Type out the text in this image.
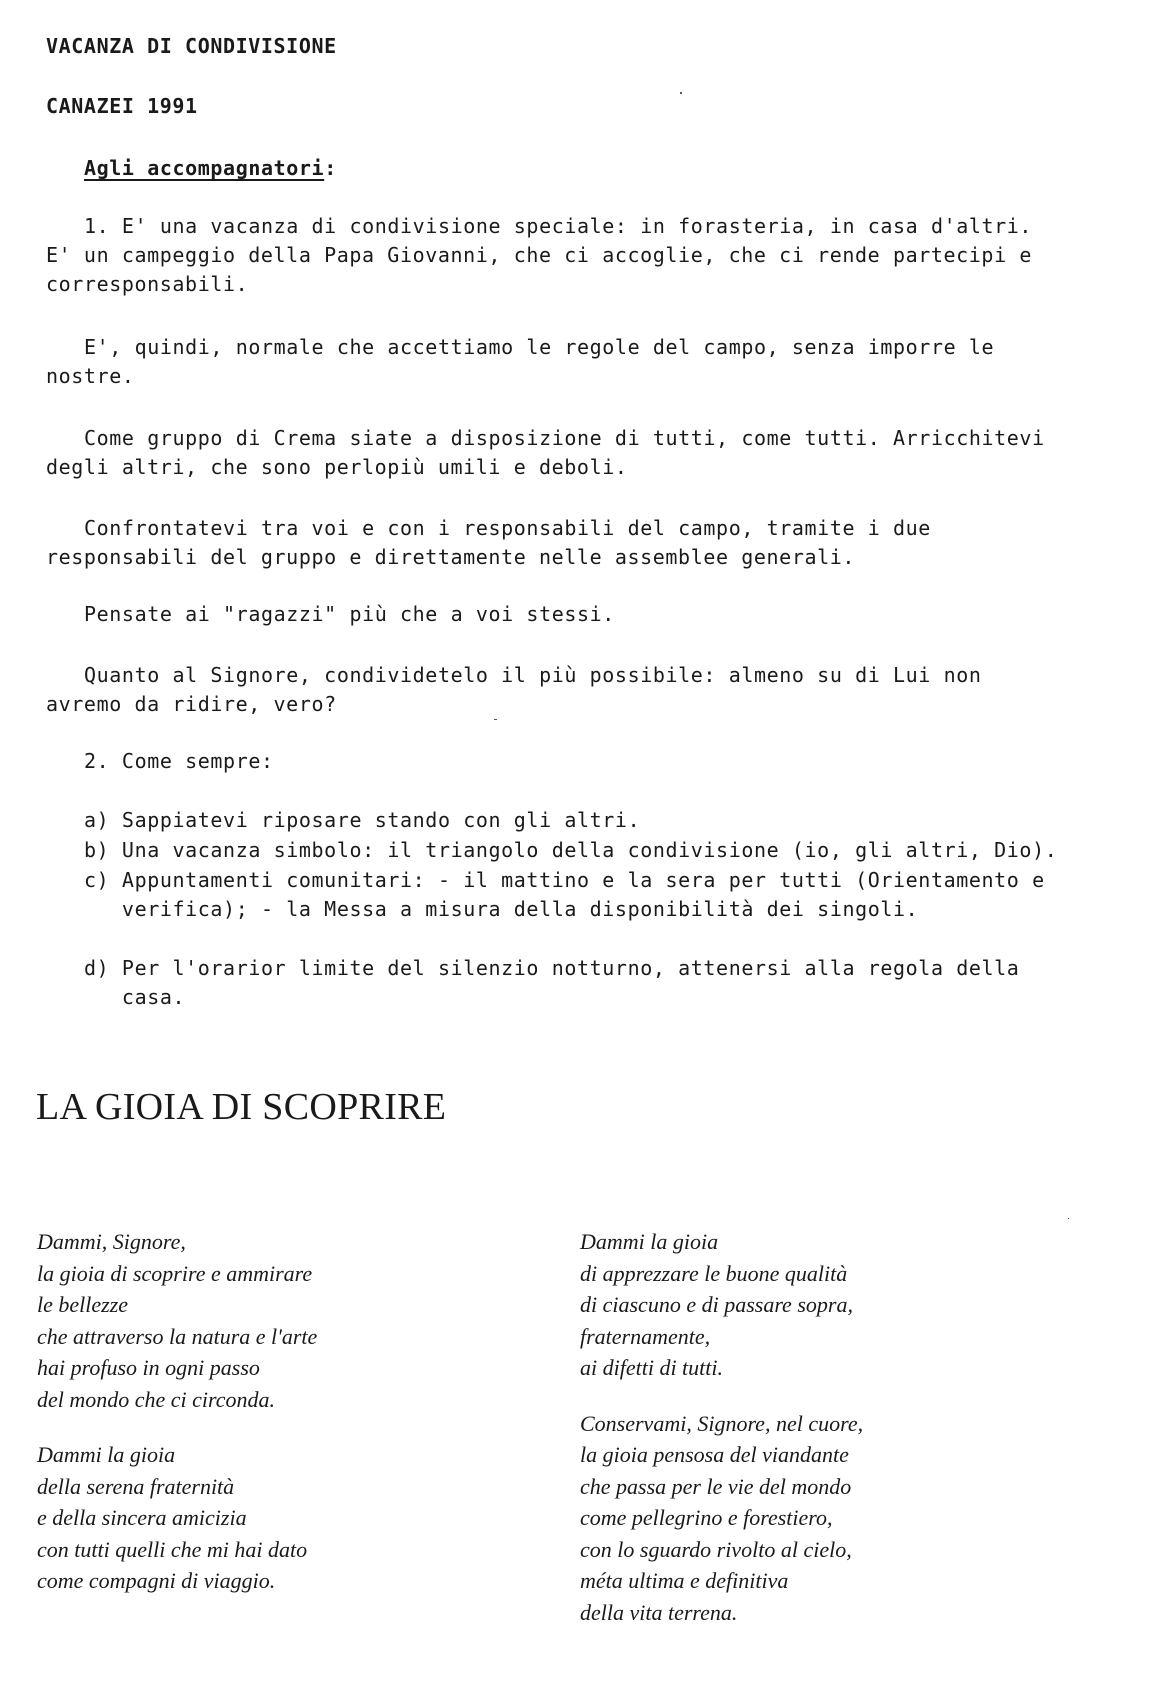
VACANZA DI CONDIVISIONE

CANAZEI 1991

Agli accompagnatori:

1. E' una vacanza di condivisione speciale: in forasteria, in casa d'altri.

E' un campeggio della Papa Giovanni, che ci accoglie, che ci rende partecipi e

corresponsabili.

E', quindi, normale che accettiamo le regole del campo, senza imporre le

nostre.

Come gruppo di Crema siate a disposizione di tutti, come tutti. Arricchitevi

degli altri, che sono perlopiù umili e deboli.

Confrontatevi tra voi e con i responsabili del campo, tramite i due

responsabili del gruppo e direttamente nelle assemblee generali.

Pensate ai "ragazzi" più che a voi stessi.

Quanto al Signore, condividetelo il più possibile: almeno su di Lui non

avremo da ridire, vero?

2. Come sempre:

a) Sappiatevi riposare stando con gli altri.

b) Una vacanza simbolo: il triangolo della condivisione (io, gli altri, Dio).

c) Appuntamenti comunitari: - il mattino e la sera per tutti (Orientamento e

verifica); - la Messa a misura della disponibilità dei singoli.

d) Per l'orarior limite del silenzio notturno, attenersi alla regola della

casa.

LA GIOIA DI SCOPRIRE
Dammi, Signore,
la gioia di scoprire e ammirare
le bellezze
che attraverso la natura e l'arte
hai profuso in ogni passo
del mondo che ci circonda.
Dammi la gioia
della serena fraternità
e della sincera amicizia
con tutti quelli che mi hai dato
come compagni di viaggio.
Dammi la gioia
di apprezzare le buone qualità
di ciascuno e di passare sopra,
fraternamente,
ai difetti di tutti.
Conservami, Signore, nel cuore,
la gioia pensosa del viandante
che passa per le vie del mondo
come pellegrino e forestiero,
con lo sguardo rivolto al cielo,
méta ultima e definitiva
della vita terrena.
